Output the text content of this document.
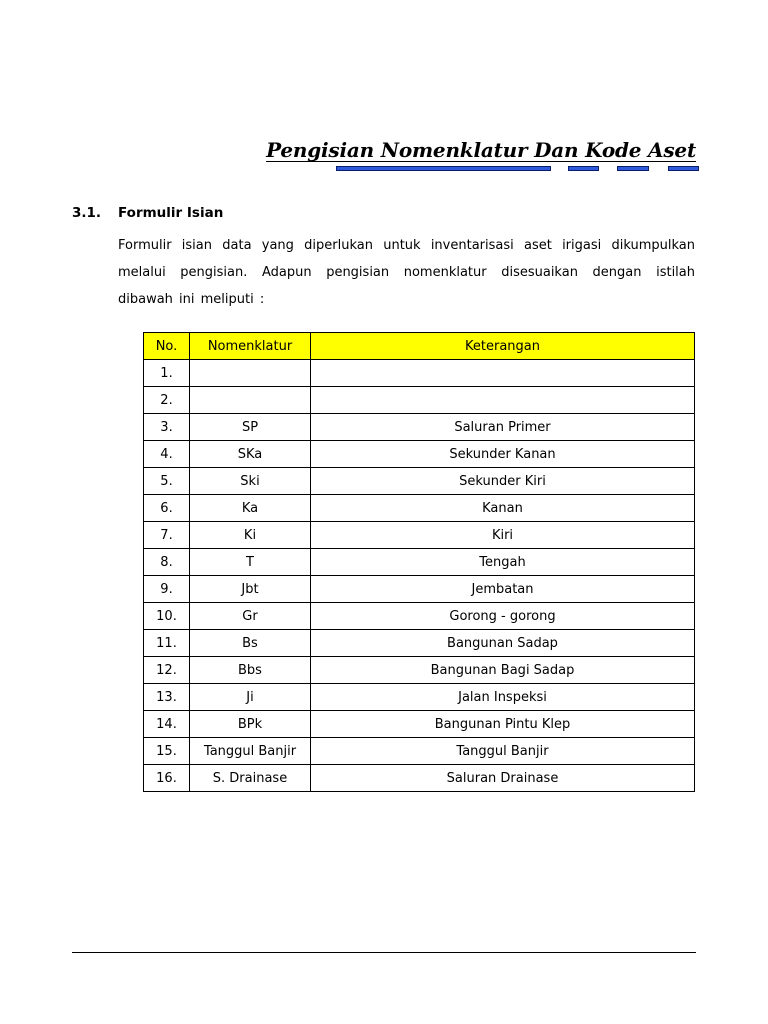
Pengisian Nomenklatur Dan Kode Aset
3.1. Formulir Isian
Formulir isian data yang diperlukan untuk inventarisasi aset irigasi dikumpulkan melalui pengisian. Adapun pengisian nomenklatur disesuaikan dengan istilah dibawah ini meliputi :
No.	Nomenklatur	Keterangan
1.		
2.		
3.	SP	Saluran Primer
4.	SKa	Sekunder Kanan
5.	Ski	Sekunder Kiri
6.	Ka	Kanan
7.	Ki	Kiri
8.	T	Tengah
9.	Jbt	Jembatan
10.	Gr	Gorong - gorong
11.	Bs	Bangunan Sadap
12.	Bbs	Bangunan Bagi Sadap
13.	Ji	Jalan Inspeksi
14.	BPk	Bangunan Pintu Klep
15.	Tanggul Banjir	Tanggul Banjir
16.	S. Drainase	Saluran Drainase
